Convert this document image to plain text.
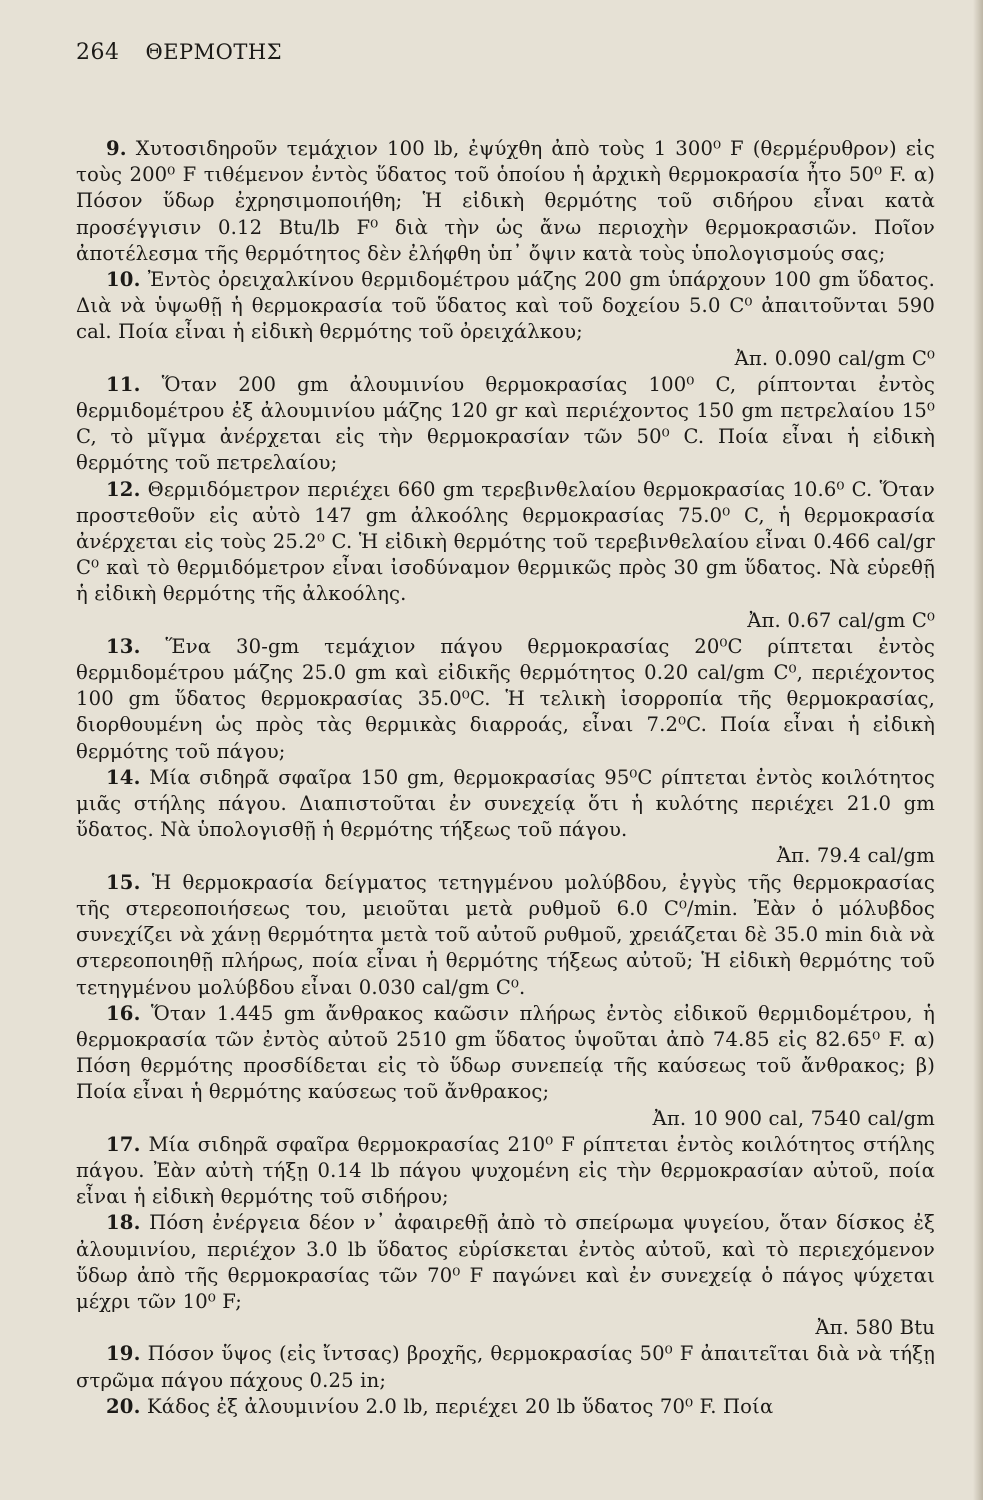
264 ΘΕΡΜΟΤΗΣ

9. Χυτοσιδηροῦν τεμάχιον 100 lb, ἐψύχθη ἀπὸ τοὺς 1 300⁰ F (θερμέρυθρον) εἰς τοὺς 200⁰ F τιθέμενον ἐντὸς ὕδατος τοῦ ὁποίου ἡ ἀρχικὴ θερμοκρασία ἦτο 50⁰ F. α) Πόσον ὕδωρ ἐχρησιμοποιήθη; Ἡ εἰδικὴ θερμότης τοῦ σιδήρου εἶναι κατὰ προσέγγισιν 0.12 Btu/lb F⁰ διὰ τὴν ὡς ἄνω περιοχὴν θερμοκρασιῶν. Ποῖον ἀποτέλεσμα τῆς θερμότητος δὲν ἐλήφθη ὑπ᾽ ὄψιν κατὰ τοὺς ὑπολογισμούς σας;

10. Ἐντὸς ὀρειχαλκίνου θερμιδομέτρου μάζης 200 gm ὑπάρχουν 100 gm ὕδατος. Διὰ νὰ ὑψωθῇ ἡ θερμοκρασία τοῦ ὕδατος καὶ τοῦ δοχείου 5.0 C⁰ ἀπαιτοῦνται 590 cal. Ποία εἶναι ἡ εἰδικὴ θερμότης τοῦ ὀρειχάλκου;
Ἀπ. 0.090 cal/gm C⁰

11. Ὅταν 200 gm ἀλουμινίου θερμοκρασίας 100⁰ C, ρίπτονται ἐντὸς θερμιδομέτρου ἐξ ἀλουμινίου μάζης 120 gr καὶ περιέχοντος 150 gm πετρελαίου 15⁰ C, τὸ μῖγμα ἀνέρχεται εἰς τὴν θερμοκρασίαν τῶν 50⁰ C. Ποία εἶναι ἡ εἰδικὴ θερμότης τοῦ πετρελαίου;

12. Θερμιδόμετρον περιέχει 660 gm τερεβινθελαίου θερμοκρασίας 10.6⁰ C. Ὅταν προστεθοῦν εἰς αὐτὸ 147 gm ἀλκοόλης θερμοκρασίας 75.0⁰ C, ἡ θερμοκρασία ἀνέρχεται εἰς τοὺς 25.2⁰ C. Ἡ εἰδικὴ θερμότης τοῦ τερεβινθελαίου εἶναι 0.466 cal/gr C⁰ καὶ τὸ θερμιδόμετρον εἶναι ἰσοδύναμον θερμικῶς πρὸς 30 gm ὕδατος. Νὰ εὑρεθῇ ἡ εἰδικὴ θερμότης τῆς ἀλκοόλης.
Ἀπ. 0.67 cal/gm C⁰

13. Ἕνα 30-gm τεμάχιον πάγου θερμοκρασίας 20⁰C ρίπτεται ἐντὸς θερμιδομέτρου μάζης 25.0 gm καὶ εἰδικῆς θερμότητος 0.20 cal/gm C⁰, περιέχοντος 100 gm ὕδατος θερμοκρασίας 35.0⁰C. Ἡ τελικὴ ἰσορροπία τῆς θερμοκρασίας, διορθουμένη ὡς πρὸς τὰς θερμικὰς διαρροάς, εἶναι 7.2⁰C. Ποία εἶναι ἡ εἰδικὴ θερμότης τοῦ πάγου;

14. Μία σιδηρᾶ σφαῖρα 150 gm, θερμοκρασίας 95⁰C ρίπτεται ἐντὸς κοιλότητος μιᾶς στήλης πάγου. Διαπιστοῦται ἐν συνεχείᾳ ὅτι ἡ κυλότης περιέχει 21.0 gm ὕδατος. Νὰ ὑπολογισθῇ ἡ θερμότης τήξεως τοῦ πάγου.
Ἀπ. 79.4 cal/gm

15. Ἡ θερμοκρασία δείγματος τετηγμένου μολύβδου, ἐγγὺς τῆς θερμοκρασίας τῆς στερεοποιήσεως του, μειοῦται μετὰ ρυθμοῦ 6.0 C⁰/min. Ἐὰν ὁ μόλυβδος συνεχίζει νὰ χάνῃ θερμότητα μετὰ τοῦ αὐτοῦ ρυθμοῦ, χρειάζεται δὲ 35.0 min διὰ νὰ στερεοποιηθῇ πλήρως, ποία εἶναι ἡ θερμότης τήξεως αὐτοῦ; Ἡ εἰδικὴ θερμότης τοῦ τετηγμένου μολύβδου εἶναι 0.030 cal/gm C⁰.

16. Ὅταν 1.445 gm ἄνθρακος καῶσιν πλήρως ἐντὸς εἰδικοῦ θερμιδομέτρου, ἡ θερμοκρασία τῶν ἐντὸς αὐτοῦ 2510 gm ὕδατος ὑψοῦται ἀπὸ 74.85 εἰς 82.65⁰ F. α) Πόση θερμότης προσδίδεται εἰς τὸ ὕδωρ συνεπείᾳ τῆς καύσεως τοῦ ἄνθρακος; β) Ποία εἶναι ἡ θερμότης καύσεως τοῦ ἄνθρακος;
Ἀπ. 10 900 cal, 7540 cal/gm

17. Μία σιδηρᾶ σφαῖρα θερμοκρασίας 210⁰ F ρίπτεται ἐντὸς κοιλότητος στήλης πάγου. Ἐὰν αὐτὴ τήξῃ 0.14 lb πάγου ψυχομένη εἰς τὴν θερμοκρασίαν αὐτοῦ, ποία εἶναι ἡ εἰδικὴ θερμότης τοῦ σιδήρου;

18. Πόση ἐνέργεια δέον ν᾽ ἀφαιρεθῇ ἀπὸ τὸ σπείρωμα ψυγείου, ὅταν δίσκος ἐξ ἀλουμινίου, περιέχον 3.0 lb ὕδατος εὑρίσκεται ἐντὸς αὐτοῦ, καὶ τὸ περιεχόμενον ὕδωρ ἀπὸ τῆς θερμοκρασίας τῶν 70⁰ F παγώνει καὶ ἐν συνεχείᾳ ὁ πάγος ψύχεται μέχρι τῶν 10⁰ F;
Ἀπ. 580 Btu

19. Πόσον ὕψος (εἰς ἴντσας) βροχῆς, θερμοκρασίας 50⁰ F ἀπαιτεῖται διὰ νὰ τήξῃ στρῶμα πάγου πάχους 0.25 in;

20. Κάδος ἐξ ἀλουμινίου 2.0 lb, περιέχει 20 lb ὕδατος 70⁰ F. Ποία
